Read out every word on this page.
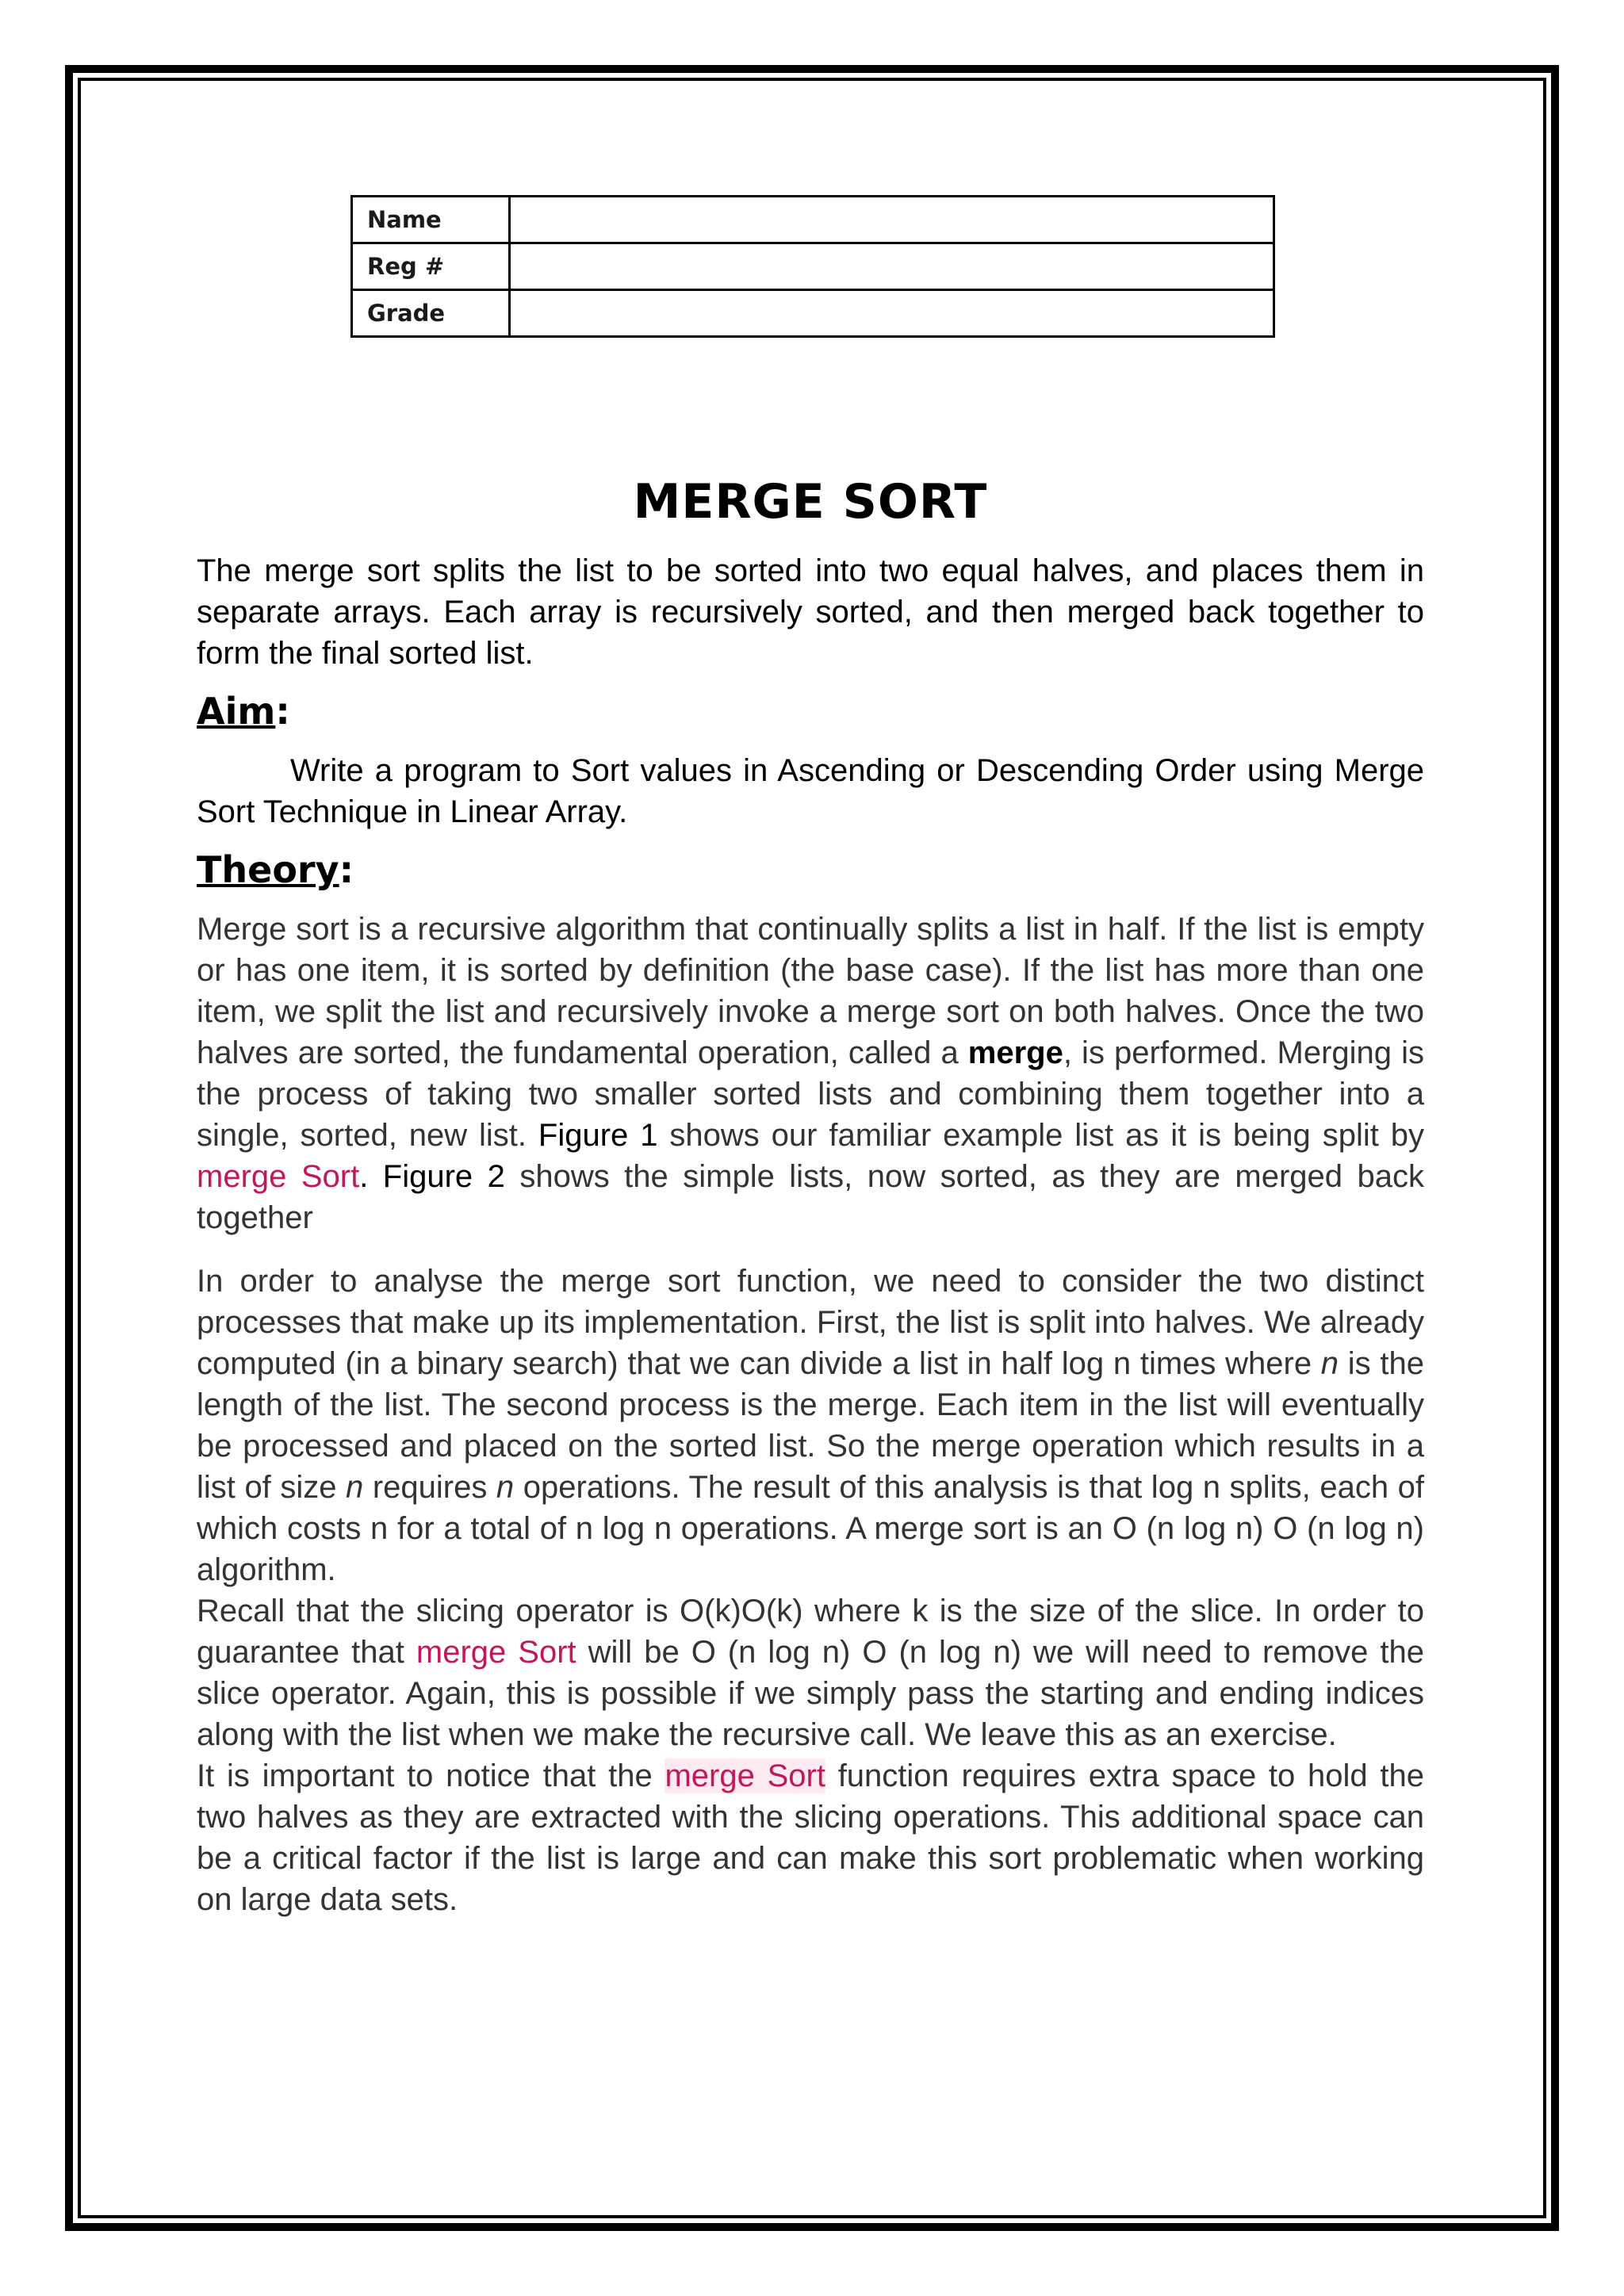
Name	
Reg #	
Grade	
MERGE SORT

The merge sort splits the list to be sorted into two equal halves, and places them in separate arrays. Each array is recursively sorted, and then merged back together to form the final sorted list.

Aim:

Write a program to Sort values in Ascending or Descending Order using Merge Sort Technique in Linear Array.

Theory:

Merge sort is a recursive algorithm that continually splits a list in half. If the list is empty or has one item, it is sorted by definition (the base case). If the list has more than one item, we split the list and recursively invoke a merge sort on both halves. Once the two halves are sorted, the fundamental operation, called a merge, is performed. Merging is the process of taking two smaller sorted lists and combining them together into a single, sorted, new list. Figure 1 shows our familiar example list as it is being split by merge Sort. Figure 2 shows the simple lists, now sorted, as they are merged back together

In order to analyse the merge sort function, we need to consider the two distinct processes that make up its implementation. First, the list is split into halves. We already computed (in a binary search) that we can divide a list in half log n times where n is the length of the list. The second process is the merge. Each item in the list will eventually be processed and placed on the sorted list. So the merge operation which results in a list of size n requires n operations. The result of this analysis is that log n splits, each of which costs n for a total of n log n operations. A merge sort is an O (n log n) O (n log n) algorithm.

Recall that the slicing operator is O(k)O(k) where k is the size of the slice. In order to guarantee that merge Sort will be O (n log n) O (n log n) we will need to remove the slice operator. Again, this is possible if we simply pass the starting and ending indices along with the list when we make the recursive call. We leave this as an exercise.

It is important to notice that the merge Sort function requires extra space to hold the two halves as they are extracted with the slicing operations. This additional space can be a critical factor if the list is large and can make this sort problematic when working on large data sets.
